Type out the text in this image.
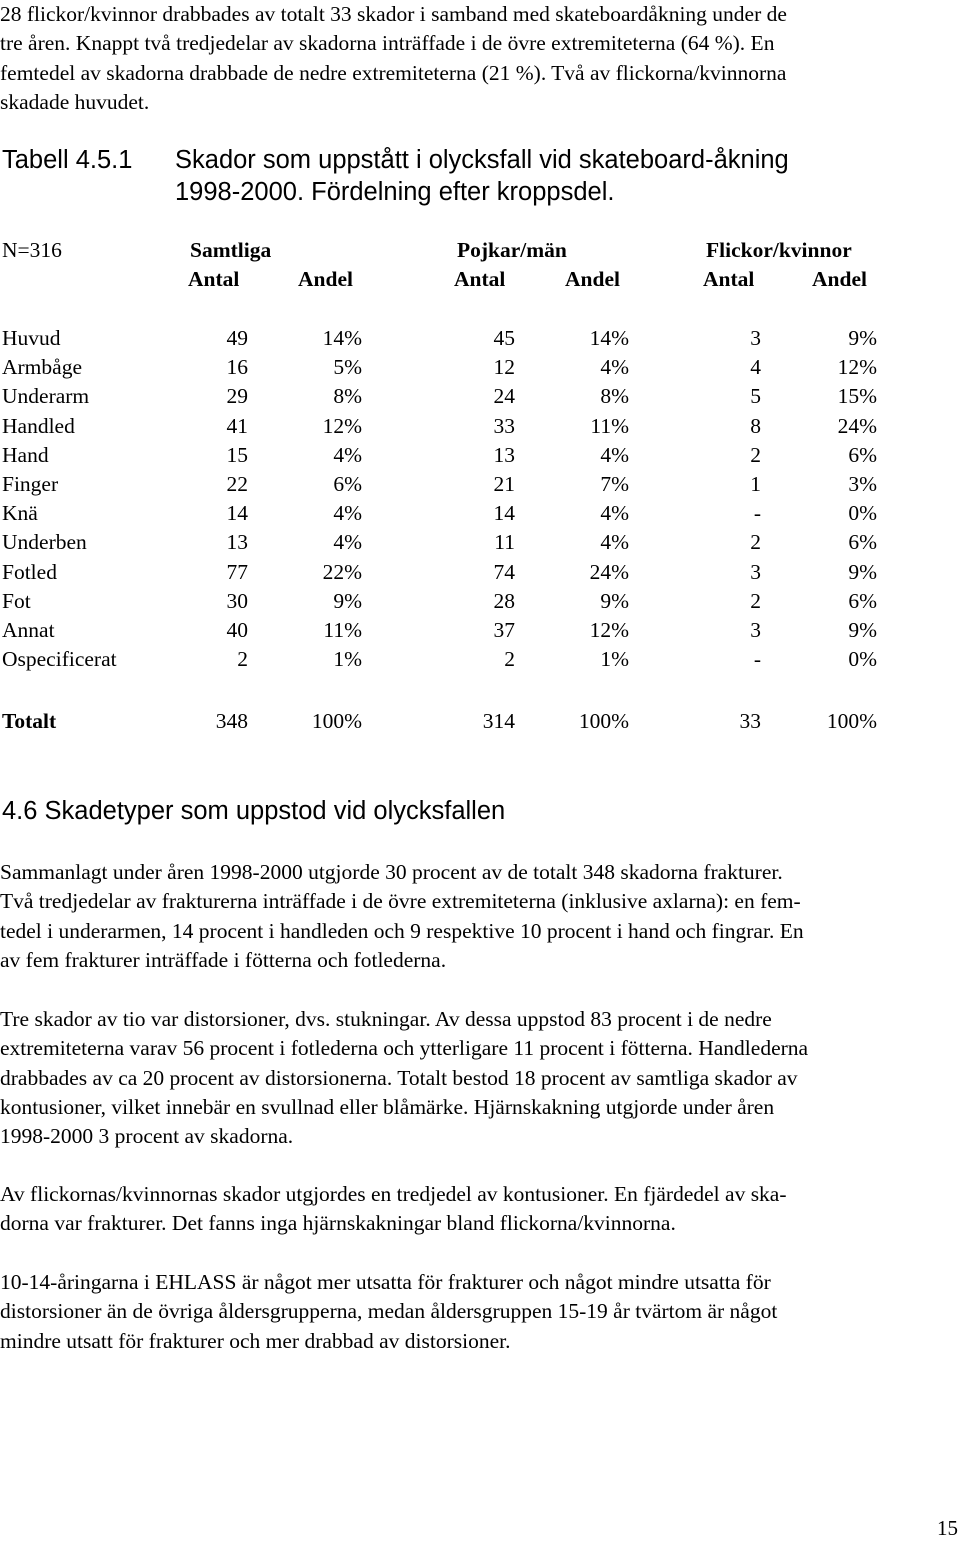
28 flickor/kvinnor drabbades av totalt 33 skador i samband med skateboardåkning under de

tre åren. Knappt två tredjedelar av skadorna inträffade i de övre extremiteterna (64 %). En

femtedel av skadorna drabbade de nedre extremiteterna (21 %). Två av flickorna/kvinnorna

skadade huvudet.

Tabell 4.5.1 Skador som uppstått i olycksfall vid skateboard-åkning
1998-2000. Fördelning efter kroppsdel.
N=316	Samtliga	Pojkar/män	Flickor/kvinnor
Antal	Andel	Antal	Andel	Antal	Andel
Huvud	49	14%	45	14%	3	9%
Armbåge	16	5%	12	4%	4	12%
Underarm	29	8%	24	8%	5	15%
Handled	41	12%	33	11%	8	24%
Hand	15	4%	13	4%	2	6%
Finger	22	6%	21	7%	1	3%
Knä	14	4%	14	4%	-	0%
Underben	13	4%	11	4%	2	6%
Fotled	77	22%	74	24%	3	9%
Fot	30	9%	28	9%	2	6%
Annat	40	11%	37	12%	3	9%
Ospecificerat	2	1%	2	1%	-	0%
Totalt	348	100%	314	100%	33	100%
4.6 Skadetyper som uppstod vid olycksfallen

Sammanlagt under åren 1998-2000 utgjorde 30 procent av de totalt 348 skadorna frakturer.

Två tredjedelar av frakturerna inträffade i de övre extremiteterna (inklusive axlarna): en fem-

tedel i underarmen, 14 procent i handleden och 9 respektive 10 procent i hand och fingrar. En

av fem frakturer inträffade i fötterna och fotlederna.

Tre skador av tio var distorsioner, dvs. stukningar. Av dessa uppstod 83 procent i de nedre

extremiteterna varav 56 procent i fotlederna och ytterligare 11 procent i fötterna. Handlederna

drabbades av ca 20 procent av distorsionerna. Totalt bestod 18 procent av samtliga skador av

kontusioner, vilket innebär en svullnad eller blåmärke. Hjärnskakning utgjorde under åren

1998-2000 3 procent av skadorna.

Av flickornas/kvinnornas skador utgjordes en tredjedel av kontusioner. En fjärdedel av ska-

dorna var frakturer. Det fanns inga hjärnskakningar bland flickorna/kvinnorna.

10-14-åringarna i EHLASS är något mer utsatta för frakturer och något mindre utsatta för

distorsioner än de övriga åldersgrupperna, medan åldersgruppen 15-19 år tvärtom är något

mindre utsatt för frakturer och mer drabbad av distorsioner.

15
